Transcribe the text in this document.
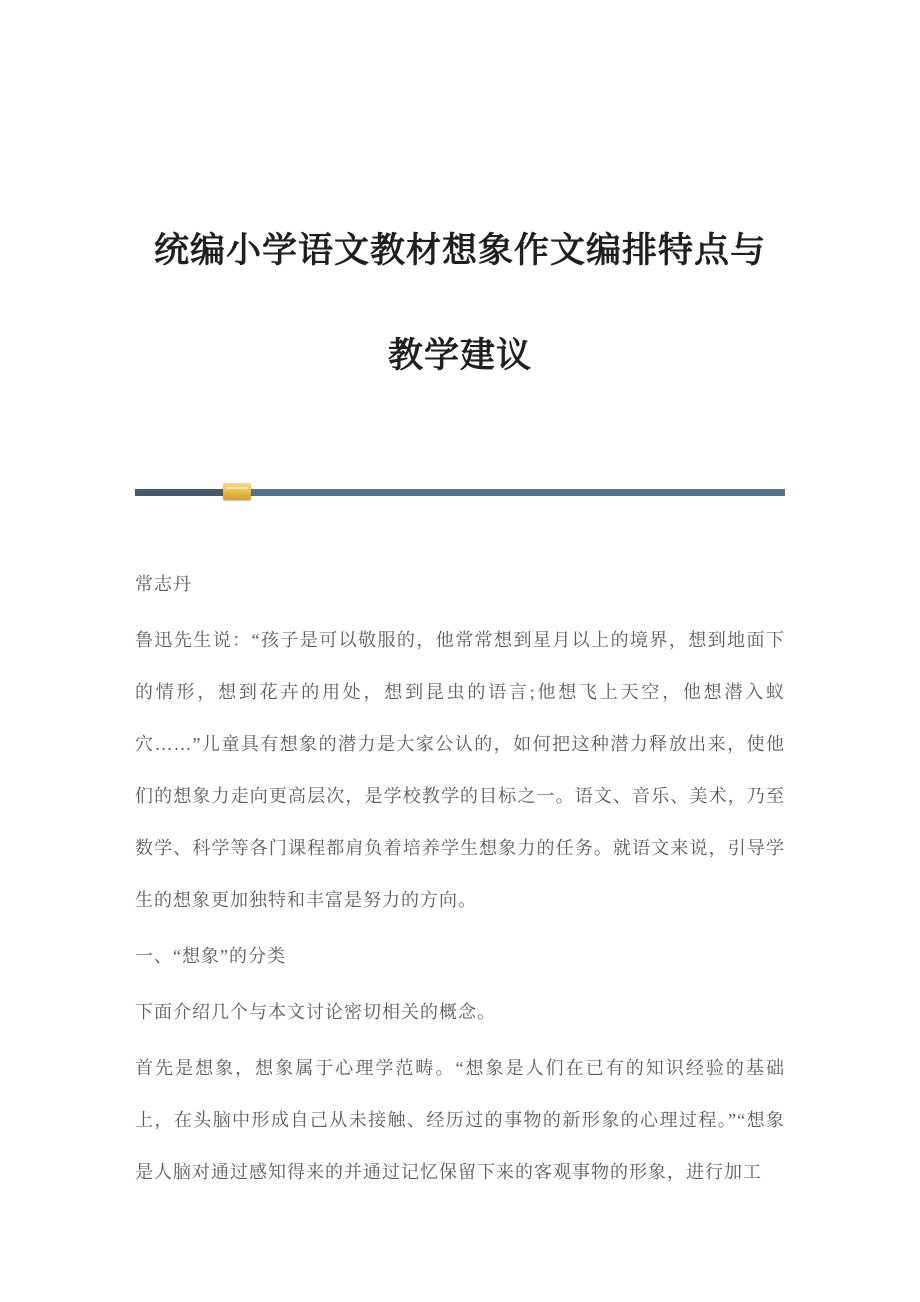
统编小学语文教材想象作文编排特点与
教学建议

常志丹

鲁迅先生说：“孩子是可以敬服的，他常常想到星月以上的境界，想到地面下的情形，想到花卉的用处，想到昆虫的语言;他想飞上天空，他想潜入蚁穴……”儿童具有想象的潜力是大家公认的，如何把这种潜力释放出来，使他们的想象力走向更高层次，是学校教学的目标之一。语文、音乐、美术，乃至数学、科学等各门课程都肩负着培养学生想象力的任务。就语文来说，引导学生的想象更加独特和丰富是努力的方向。

一、“想象”的分类

下面介绍几个与本文讨论密切相关的概念。

首先是想象，想象属于心理学范畴。“想象是人们在已有的知识经验的基础上，在头脑中形成自己从未接触、经历过的事物的新形象的心理过程。”“想象是人脑对通过感知得来的并通过记忆保留下来的客观事物的形象，进行加工
